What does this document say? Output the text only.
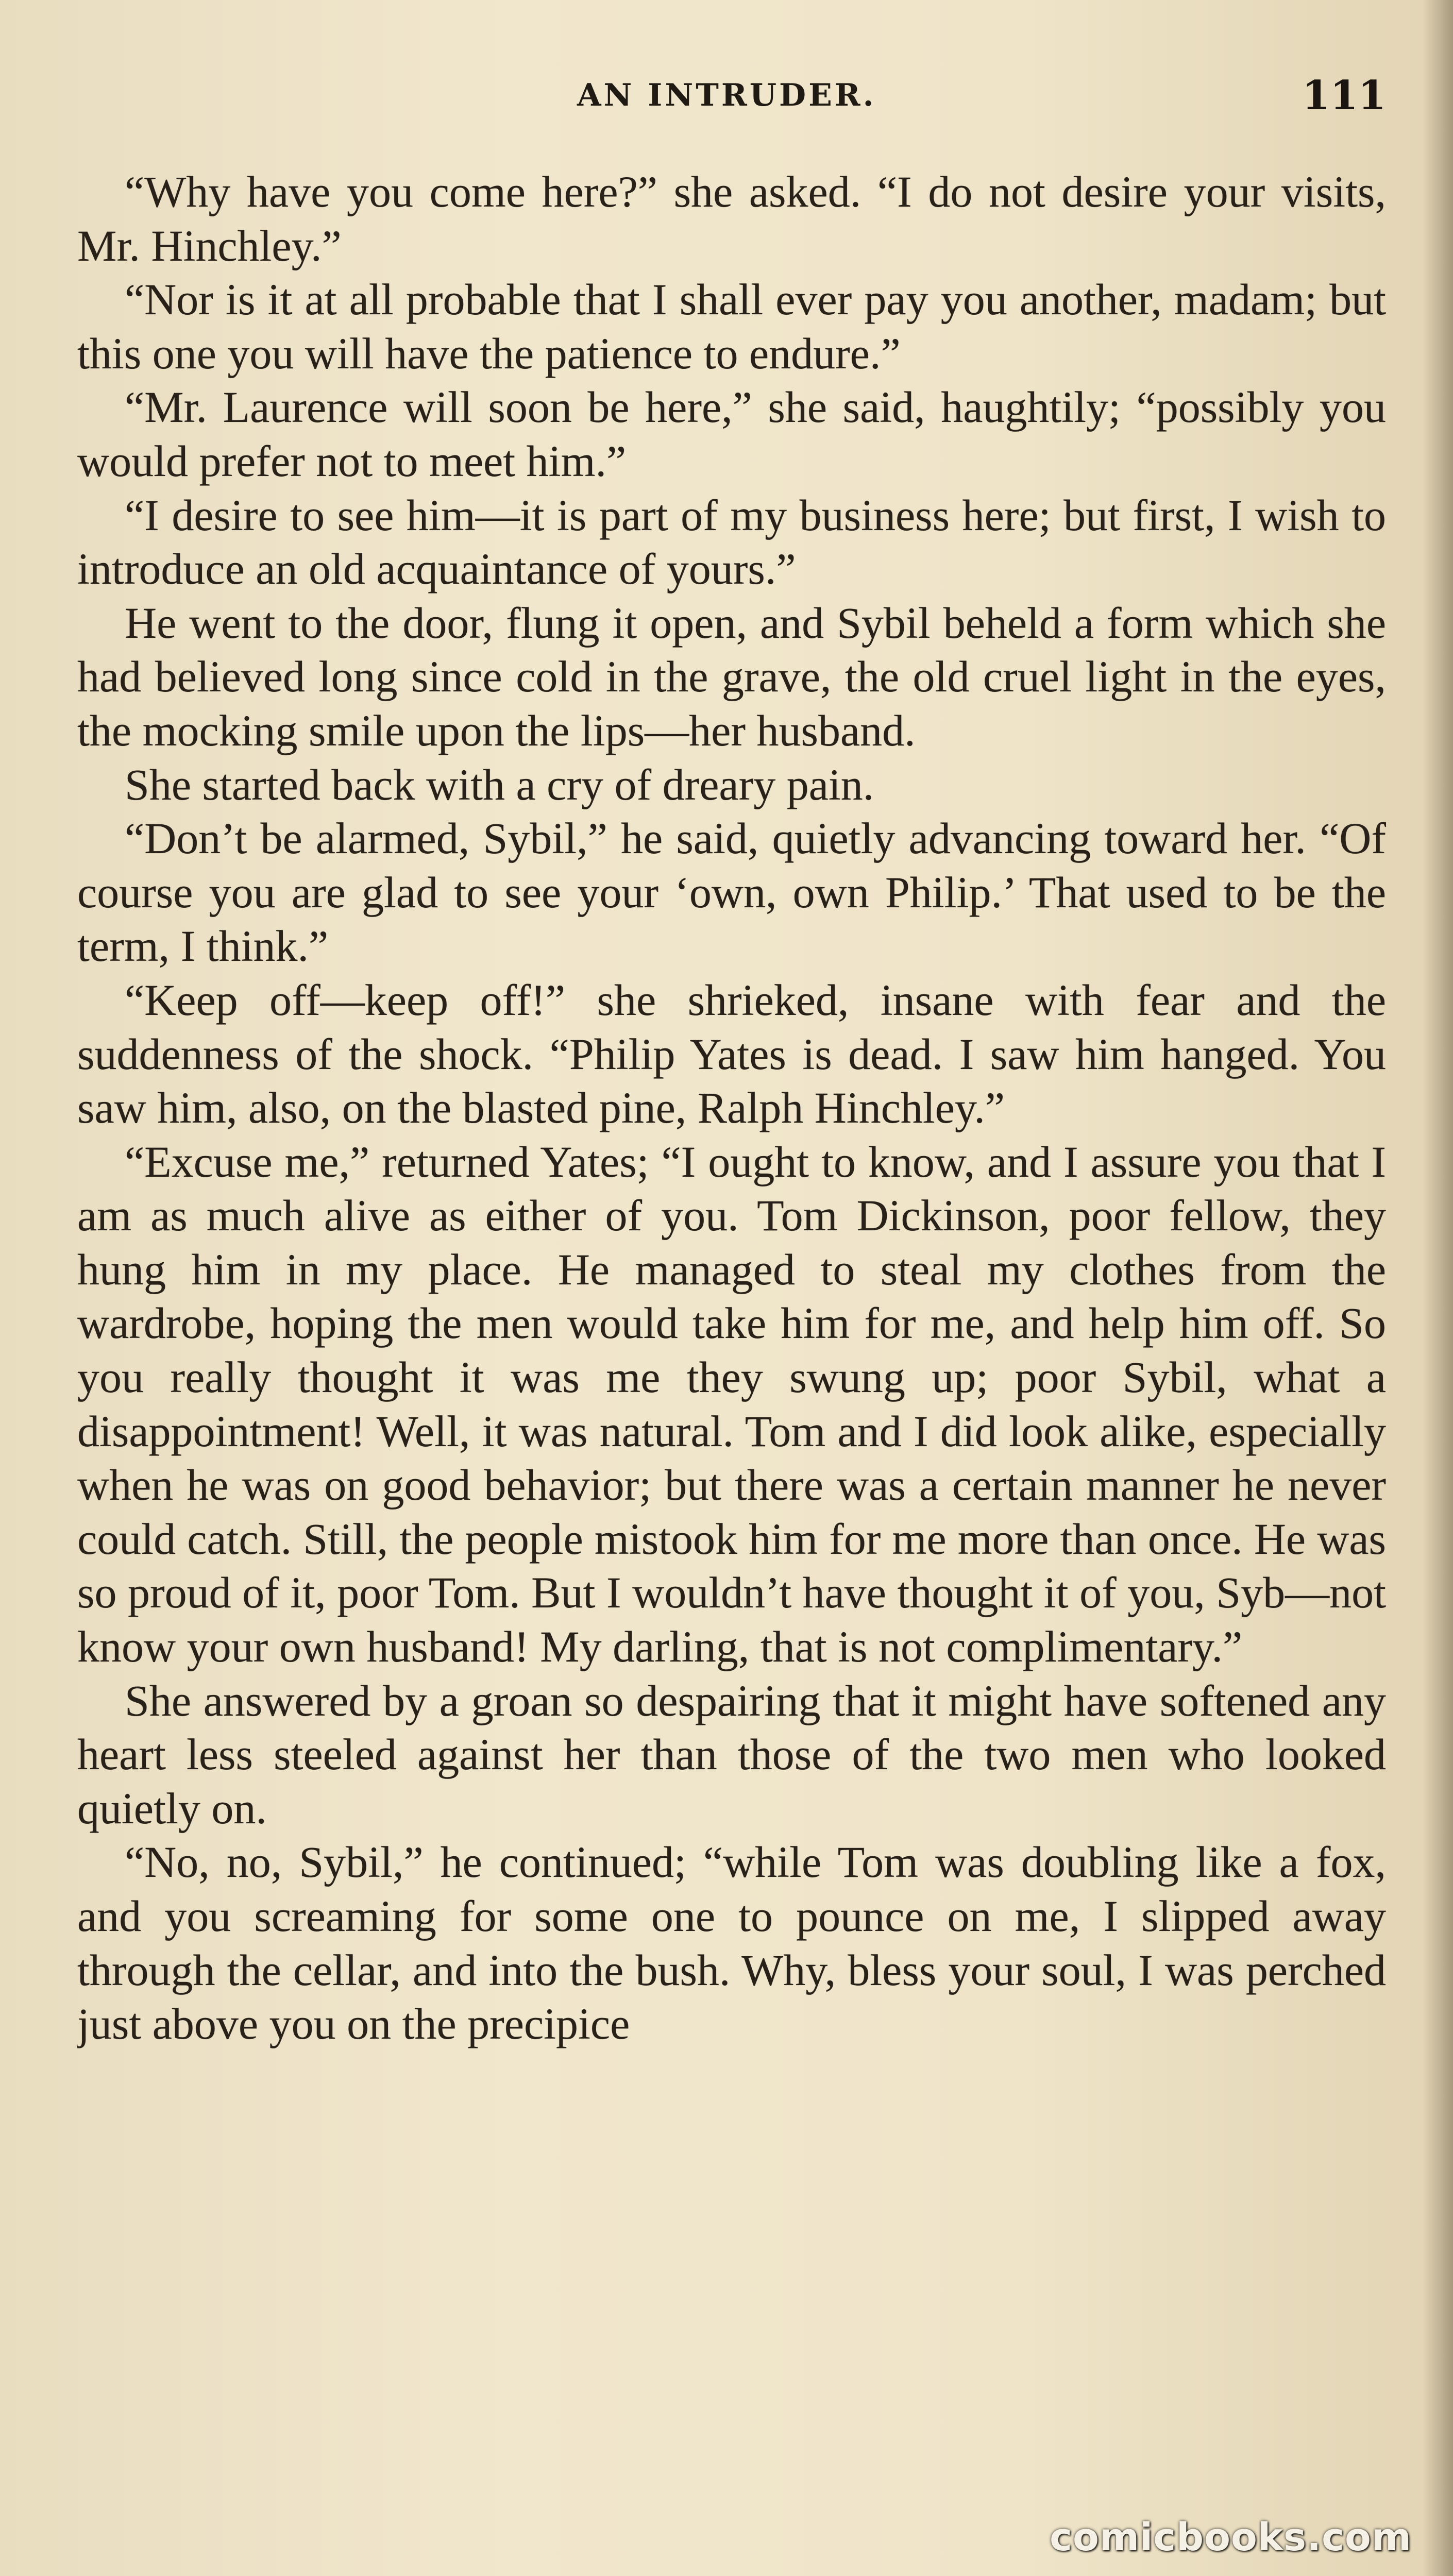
AN INTRUDER.	111

“Why have you come here?” she asked. “I do not desire your visits, Mr. Hinchley.”

“Nor is it at all probable that I shall ever pay you another, madam; but this one you will have the patience to endure.”

“Mr. Laurence will soon be here,” she said, haughtily; “possibly you would prefer not to meet him.”

“I desire to see him—it is part of my business here; but first, I wish to introduce an old acquaintance of yours.”

He went to the door, flung it open, and Sybil beheld a form which she had believed long since cold in the grave, the old cruel light in the eyes, the mocking smile upon the lips—her husband.

She started back with a cry of dreary pain.

“Don’t be alarmed, Sybil,” he said, quietly advancing toward her. “Of course you are glad to see your ‘own, own Philip.’ That used to be the term, I think.”

“Keep off—keep off!” she shrieked, insane with fear and the suddenness of the shock. “Philip Yates is dead. I saw him hanged. You saw him, also, on the blasted pine, Ralph Hinchley.”

“Excuse me,” returned Yates; “I ought to know, and I assure you that I am as much alive as either of you. Tom Dickinson, poor fellow, they hung him in my place. He managed to steal my clothes from the wardrobe, hoping the men would take him for me, and help him off. So you really thought it was me they swung up; poor Sybil, what a disappointment! Well, it was natural. Tom and I did look alike, especially when he was on good behavior; but there was a certain manner he never could catch. Still, the people mistook him for me more than once. He was so proud of it, poor Tom. But I wouldn’t have thought it of you, Syb—not know your own husband! My darling, that is not complimentary.”

She answered by a groan so despairing that it might have softened any heart less steeled against her than those of the two men who looked quietly on.

“No, no, Sybil,” he continued; “while Tom was doubling like a fox, and you screaming for some one to pounce on me, I slipped away through the cellar, and into the bush. Why, bless your soul, I was perched just above you on the precipice

comicbooks.com
